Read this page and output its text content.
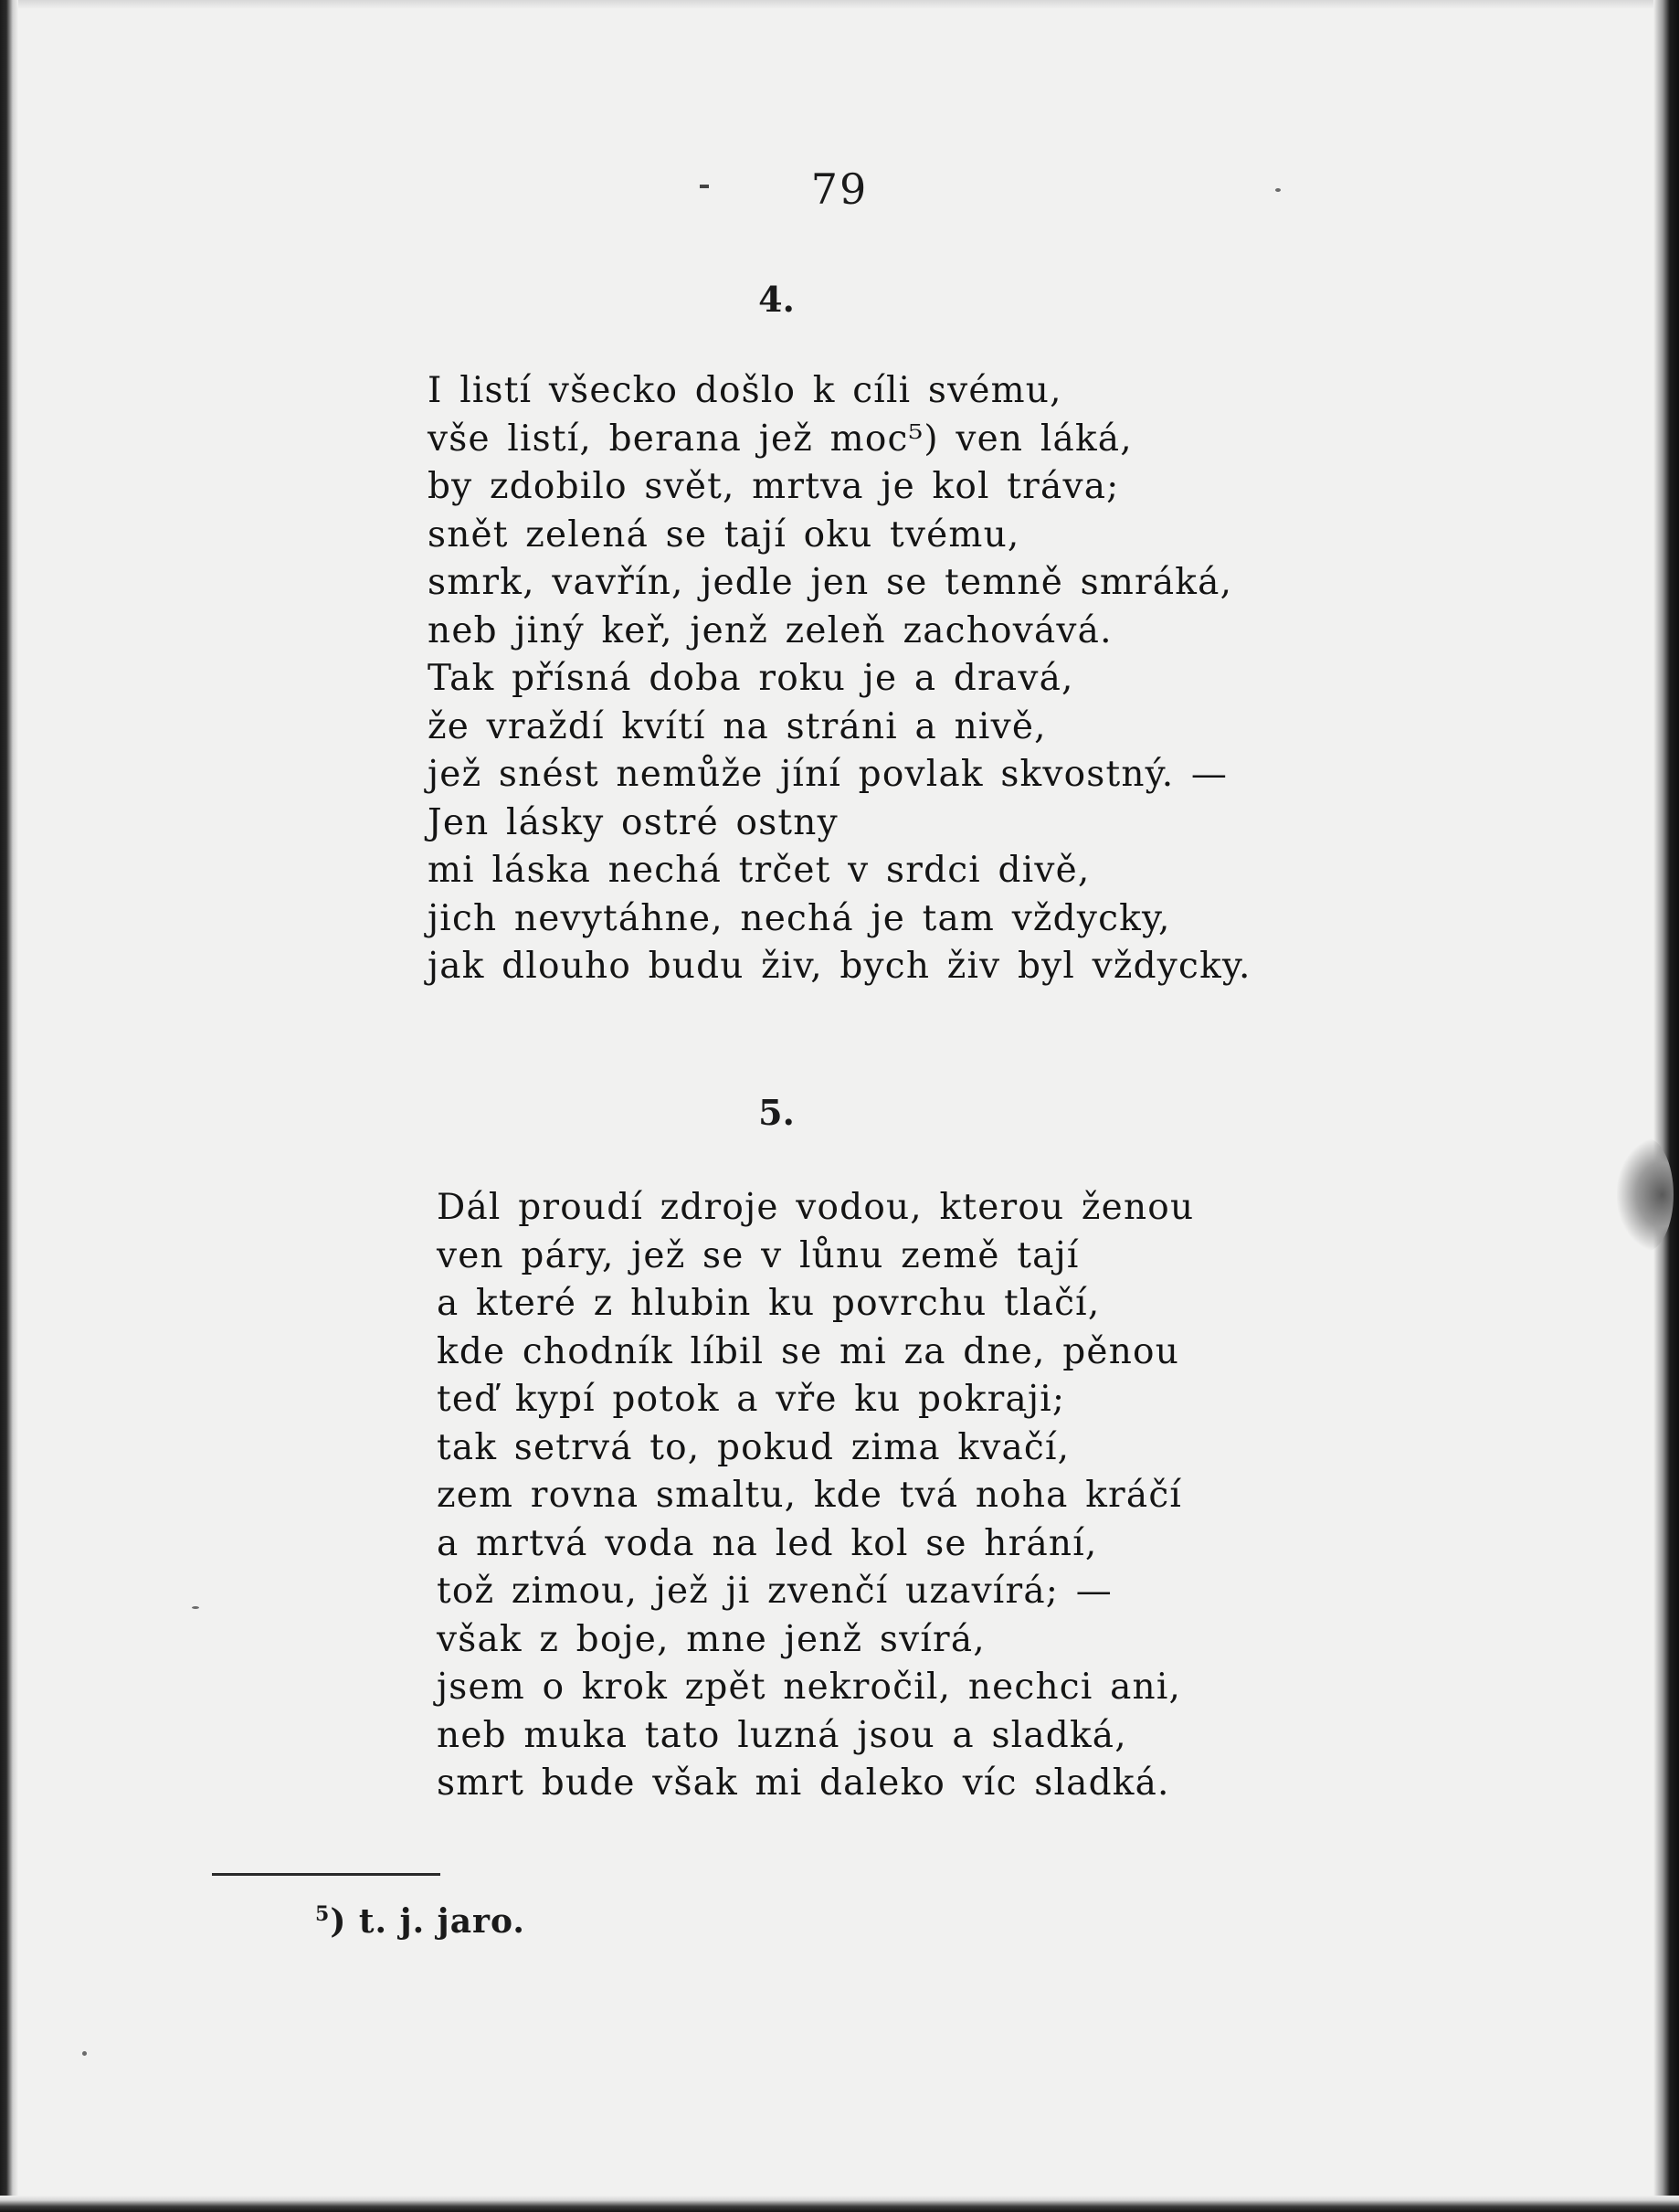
79
4.
I listí všecko došlo k cíli svému,
vše listí, berana jež moc⁵) ven láká,
by zdobilo svět, mrtva je kol tráva;
snět zelená se tají oku tvému,
smrk, vavřín, jedle jen se temně smráká,
neb jiný keř, jenž zeleň zachovává.
Tak přísná doba roku je a dravá,
že vraždí kvítí na stráni a nivě,
jež snést nemůže jíní povlak skvostný. —
Jen lásky ostré ostny
mi láska nechá trčet v srdci divě,
jich nevytáhne, nechá je tam vždycky,
jak dlouho budu živ, bych živ byl vždycky.
5.
Dál proudí zdroje vodou, kterou ženou
ven páry, jež se v lůnu země tají
a které z hlubin ku povrchu tlačí,
kde chodník líbil se mi za dne, pěnou
teď kypí potok a vře ku pokraji;
tak setrvá to, pokud zima kvačí,
zem rovna smaltu, kde tvá noha kráčí
a mrtvá voda na led kol se hrání,
tož zimou, jež ji zvenčí uzavírá; —
však z boje, mne jenž svírá,
jsem o krok zpět nekročil, nechci ani,
neb muka tato luzná jsou a sladká,
smrt bude však mi daleko víc sladká.
$^5$) t. j. jaro.
